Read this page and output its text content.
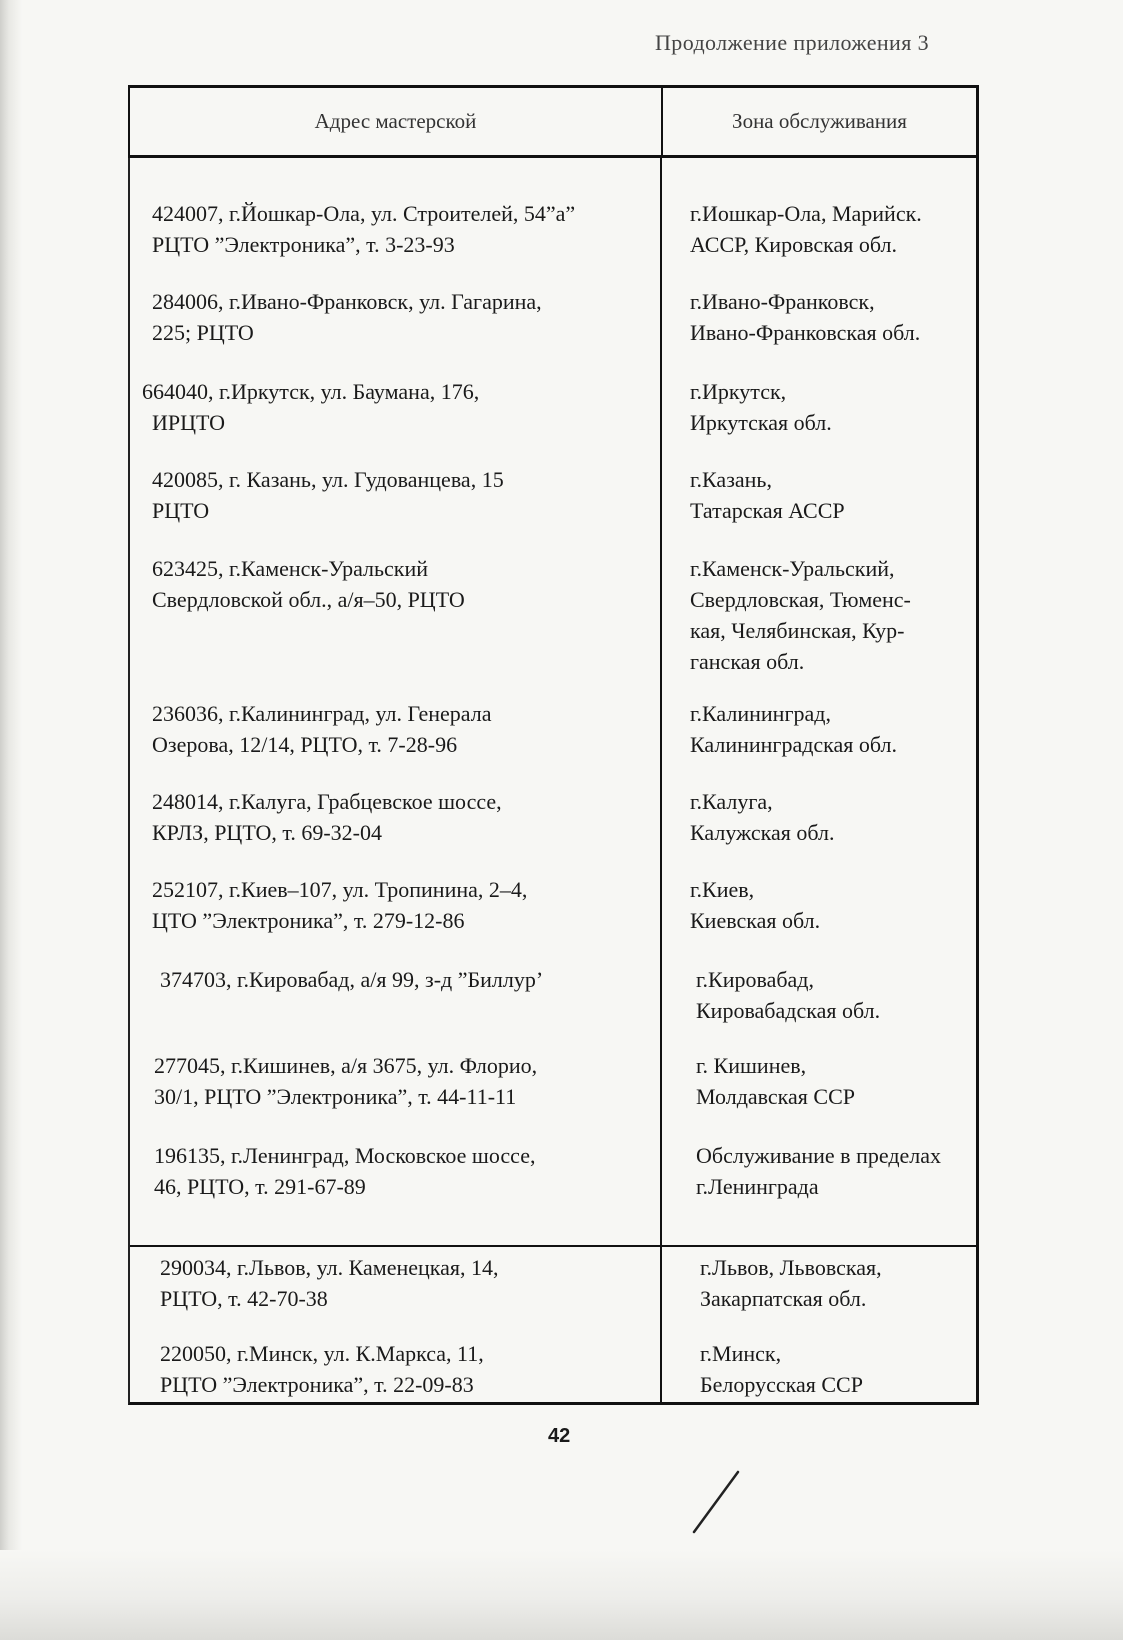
Продолжение приложения 3
Адрес мастерской	Зона обслуживания
424007, г.Йошкар-Ола, ул. Строителей, 54”а”
РЦТО ”Электроника”, т. 3-23-93
г.Иошкар-Ола, Марийск.
АССР, Кировская обл.
284006, г.Ивано-Франковск, ул. Гагарина,
225; РЦТО
г.Ивано-Франковск,
Ивано-Франковская обл.
664040, г.Иркутск, ул. Баумана, 176,
ИРЦТО
г.Иркутск,
Иркутская обл.
420085, г. Казань, ул. Гудованцева, 15
РЦТО
г.Казань,
Татарская АССР
623425, г.Каменск-Уральский
Свердловской обл., а/я–50, РЦТО
г.Каменск-Уральский,
Свердловская, Тюменс-
кая, Челябинская, Кур-
ганская обл.
236036, г.Калининград, ул. Генерала
Озерова, 12/14, РЦТО, т. 7-28-96
г.Калининград,
Калининградская обл.
248014, г.Калуга, Грабцевское шоссе,
КРЛЗ, РЦТО, т. 69-32-04
г.Калуга,
Калужская обл.
252107, г.Киев–107, ул. Тропинина, 2–4,
ЦТО ”Электроника”, т. 279-12-86
г.Киев,
Киевская обл.
374703, г.Кировабад, а/я 99, з-д ”Биллур’	г.Кировабад,
Кировабадская обл.
277045, г.Кишинев, а/я 3675, ул. Флорио,
30/1, РЦТО ”Электроника”, т. 44-11-11
г. Кишинев,
Молдавская ССР
196135, г.Ленинград, Московское шоссе,
46, РЦТО, т. 291-67-89
Обслуживание в пределах
г.Ленинграда
290034, г.Львов, ул. Каменецкая, 14,
РЦТО, т. 42-70-38
г.Львов, Львовская,
Закарпатская обл.
220050, г.Минск, ул. К.Маркса, 11,
РЦТО ”Электроника”, т. 22-09-83
г.Минск,
Белорусская ССР
42
